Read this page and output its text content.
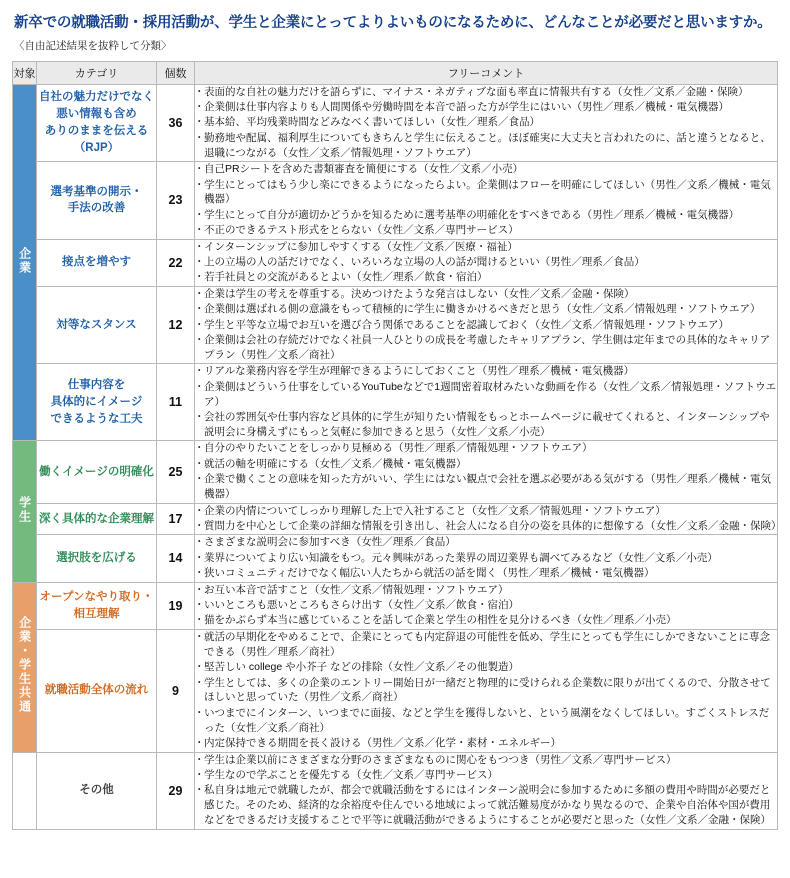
新卒での就職活動・採用活動が、学生と企業にとってよりよいものになるために、どんなことが必要だと思いますか。
〈自由記述結果を抜粋して分類〉
対象	カテゴリ	個数	フリーコメント
企業	自社の魅力だけでなく
悪い情報も含め
ありのままを伝える
（RJP）	36	
・ 表面的な自社の魅力だけを語らずに、マイナス・ネガティブな面も率直に情報共有する（女性／文系／金融・保険）
・ 企業側は仕事内容よりも人間関係や労働時間を本音で語った方が学生にはいい（男性／理系／機械・電気機器）
・ 基本給、平均残業時間などみなべく書いてほしい（女性／理系／食品）
・ 勤務地や配属、福利厚生についてもきちんと学生に伝えること。ほぼ確実に大丈夫と言われたのに、話と違うとなると、退職につながる（女性／文系／情報処理・ソフトウエア）

選考基準の開示・
手法の改善	23	
・ 自己PRシートを含めた書類審査を簡便にする（女性／文系／小売）
・ 学生にとってはもう少し楽にできるようになったらよい。企業側はフローを明確にしてほしい（男性／文系／機械・電気機器）
・ 学生にとって自分が適切かどうかを知るために選考基準の明確化をすべきである（男性／理系／機械・電気機器）
・ 不正のできるテスト形式をとらない（女性／文系／専門サービス）

接点を増やす	22	
・ インターンシップに参加しやすくする（女性／文系／医療・福祉）
・ 上の立場の人の話だけでなく、いろいろな立場の人の話が聞けるといい（男性／理系／食品）
・ 若手社員との交流があるとよい（女性／理系／飲食・宿泊）

対等なスタンス	12	
・ 企業は学生の考えを尊重する。決めつけたような発言はしない（女性／文系／金融・保険）
・ 企業側は選ばれる側の意識をもって積極的に学生に働きかけるべきだと思う（女性／文系／情報処理・ソフトウエア）
・ 学生と平等な立場でお互いを選び合う関係であることを認識しておく（女性／文系／情報処理・ソフトウエア）
・ 企業側は会社の存続だけでなく社員一人ひとりの成長を考慮したキャリアプラン、学生側は定年までの具体的なキャリアプラン（男性／文系／商社）

仕事内容を
具体的にイメージ
できるような工夫	11	
・ リアルな業務内容を学生が理解できるようにしておくこと（男性／理系／機械・電気機器）
・ 企業側はどういう仕事をしているYouTubeなどで1週間密着取材みたいな動画を作る（女性／文系／情報処理・ソフトウエア）
・ 会社の雰囲気や仕事内容など具体的に学生が知りたい情報をもっとホームページに載せてくれると、インターンシップや説明会に身構えずにもっと気軽に参加できると思う（女性／文系／小売）

学生	働くイメージの明確化	25	
・ 自分のやりたいことをしっかり見極める（男性／理系／情報処理・ソフトウエア）
・ 就活の軸を明確にする（女性／文系／機械・電気機器）
・ 企業で働くことの意味を知った方がいい、学生にはない観点で会社を選ぶ必要がある気がする（男性／理系／機械・電気機器）

深く具体的な企業理解	17	
・ 企業の内情についてしっかり理解した上で入社すること（女性／文系／情報処理・ソフトウエア）
・ 質問力を中心として企業の詳細な情報を引き出し、社会人になる自分の姿を具体的に想像する（女性／文系／金融・保険）

選択肢を広げる	14	
・ さまざまな説明会に参加すべき（女性／理系／食品）
・ 業界についてより広い知識をもつ。元々興味があった業界の周辺業界も調べてみるなど（女性／文系／小売）
・ 狭いコミュニティだけでなく幅広い人たちから就活の話を聞く（男性／理系／機械・電気機器）

企業・学生共通	オープンなやり取り・
相互理解	19	
・ お互い本音で話すこと（女性／文系／情報処理・ソフトウエア）
・ いいところも悪いところもさらけ出す（女性／文系／飲食・宿泊）
・ 猫をかぶらず本当に感じていることを話して企業と学生の相性を見分けるべき（女性／理系／小売）

就職活動全体の流れ	9	
・ 就活の早期化をやめることで、企業にとっても内定辞退の可能性を低め、学生にとっても学生にしかできないことに専念できる（男性／理系／商社）
・ 堅苦しい college や小芥子 などの排除（女性／文系／その他製造）
・ 学生としては、多くの企業のエントリー開始日が一緒だと物理的に受けられる企業数に限りが出てくるので、分散させてほしいと思っていた（男性／文系／商社）
・ いつまでにインターン、いつまでに面接、などと学生を獲得しないと、という風潮をなくしてほしい。すごくストレスだった（女性／文系／商社）
・ 内定保持できる期間を長く設ける（男性／文系／化学・素材・エネルギー）

	その他	29	
・ 学生は企業以前にさまざまな分野のさまざまなものに関心をもつつき（男性／文系／専門サービス）
・ 学生なので学ぶことを優先する（女性／文系／専門サービス）
・ 私自身は地元で就職したが、都会で就職活動をするにはインターン説明会に参加するために多額の費用や時間が必要だと感じた。そのため、経済的な余裕度や住んでいる地域によって就活難易度がかなり異なるので、企業や自治体や国が費用などをできるだけ支援することで平等に就職活動ができるようにすることが必要だと思った（女性／文系／金融・保険）
